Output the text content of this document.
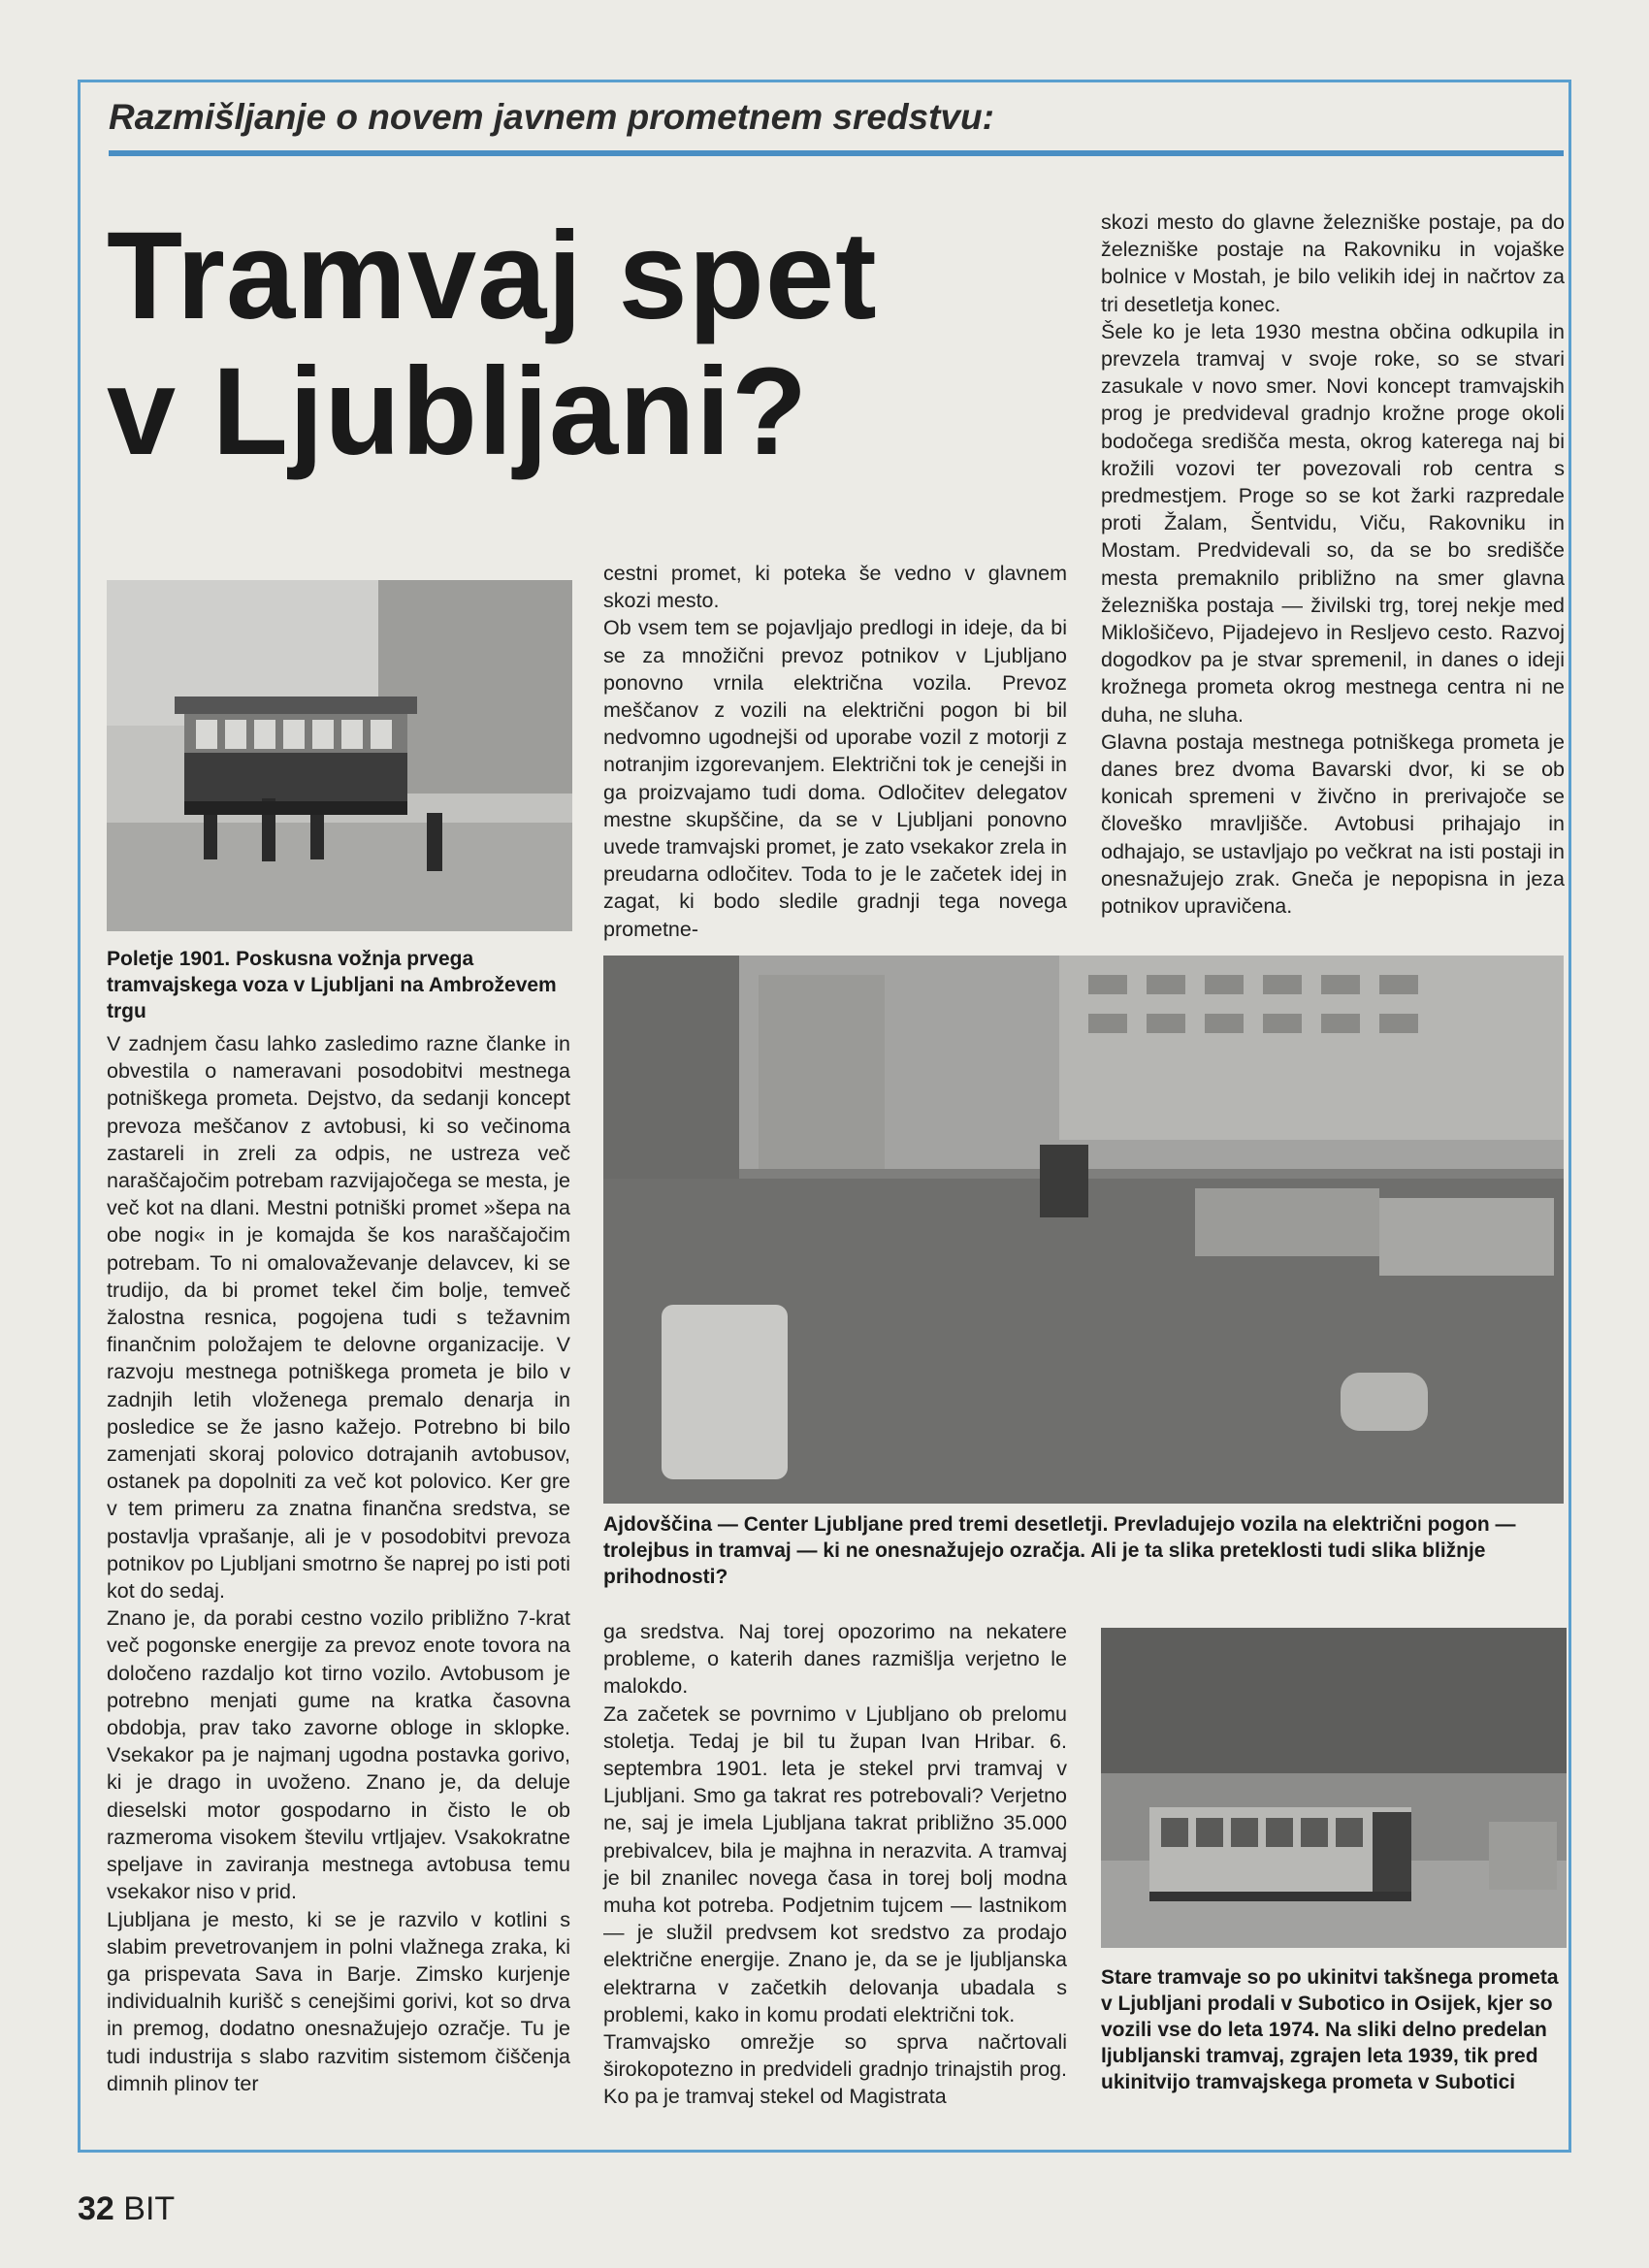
Razmišljanje o novem javnem prometnem sredstvu:
Tramvaj spet
v Ljubljani?
Poletje 1901. Poskusna vožnja prvega tramvajskega voza v Ljubljani na Ambroževem trgu
Ajdovščina — Center Ljubljane pred tremi desetletji. Prevladujejo vozila na električni pogon — trolejbus in tramvaj — ki ne onesnažujejo ozračja. Ali je ta slika preteklosti tudi slika bližnje prihodnosti?
Stare tramvaje so po ukinitvi takšnega prometa v Ljubljani prodali v Subotico in Osijek, kjer so vozili vse do leta 1974. Na sliki delno predelan ljubljanski tramvaj, zgrajen leta 1939, tik pred ukinitvijo tramvajskega prometa v Subotici

V zadnjem času lahko zasledimo razne članke in obvestila o nameravani posodobitvi mestnega potniškega prometa. Dejstvo, da sedanji koncept prevoza meščanov z avtobusi, ki so večinoma zastareli in zreli za odpis, ne ustreza več naraščajočim potrebam razvijajočega se mesta, je več kot na dlani. Mestni potniški promet »šepa na obe nogi« in je komajda še kos naraščajočim potrebam. To ni omalovaževanje delavcev, ki se trudijo, da bi promet tekel čim bolje, temveč žalostna resnica, pogojena tudi s težavnim finančnim položajem te delovne organizacije. V razvoju mestnega potniškega prometa je bilo v zadnjih letih vloženega premalo denarja in posledice se že jasno kažejo. Potrebno bi bilo zamenjati skoraj polovico dotrajanih avtobusov, ostanek pa dopolniti za več kot polovico. Ker gre v tem primeru za znatna finančna sredstva, se postavlja vprašanje, ali je v posodobitvi prevoza potnikov po Ljubljani smotrno še naprej po isti poti kot do sedaj.

Znano je, da porabi cestno vozilo približno 7-krat več pogonske energije za prevoz enote tovora na določeno razdaljo kot tirno vozilo. Avtobusom je potrebno menjati gume na kratka časovna obdobja, prav tako zavorne obloge in sklopke. Vsekakor pa je najmanj ugodna postavka gorivo, ki je drago in uvoženo. Znano je, da deluje dieselski motor gospodarno in čisto le ob razmeroma visokem številu vrtljajev. Vsakokratne speljave in zaviranja mestnega avtobusa temu vsekakor niso v prid.

Ljubljana je mesto, ki se je razvilo v kotlini s slabim prevetrovanjem in polni vlažnega zraka, ki ga prispevata Sava in Barje. Zimsko kurjenje individualnih kurišč s cenejšimi gorivi, kot so drva in premog, dodatno onesnažujejo ozračje. Tu je tudi industrija s slabo razvitim sistemom čiščenja dimnih plinov ter

cestni promet, ki poteka še vedno v glavnem skozi mesto.

Ob vsem tem se pojavljajo predlogi in ideje, da bi se za množični prevoz potnikov v Ljubljano ponovno vrnila električna vozila. Prevoz meščanov z vozili na električni pogon bi bil nedvomno ugodnejši od uporabe vozil z motorji z notranjim izgorevanjem. Električni tok je cenejši in ga proizvajamo tudi doma. Odločitev delegatov mestne skupščine, da se v Ljubljani ponovno uvede tramvajski promet, je zato vsekakor zrela in preudarna odločitev. Toda to je le začetek idej in zagat, ki bodo sledile gradnji tega novega prometne-

ga sredstva. Naj torej opozorimo na nekatere probleme, o katerih danes razmišlja verjetno le malokdo.

Za začetek se povrnimo v Ljubljano ob prelomu stoletja. Tedaj je bil tu župan Ivan Hribar. 6. septembra 1901. leta je stekel prvi tramvaj v Ljubljani. Smo ga takrat res potrebovali? Verjetno ne, saj je imela Ljubljana takrat približno 35.000 prebivalcev, bila je majhna in nerazvita. A tramvaj je bil znanilec novega časa in torej bolj modna muha kot potreba. Podjetnim tujcem — lastnikom — je služil predvsem kot sredstvo za prodajo električne energije. Znano je, da se je ljubljanska elektrarna v začetkih delovanja ubadala s problemi, kako in komu prodati električni tok.

Tramvajsko omrežje so sprva načrtovali širokopotezno in predvideli gradnjo trinajstih prog. Ko pa je tramvaj stekel od Magistrata

skozi mesto do glavne železniške postaje, pa do železniške postaje na Rakovniku in vojaške bolnice v Mostah, je bilo velikih idej in načrtov za tri desetletja konec.

Šele ko je leta 1930 mestna občina odkupila in prevzela tramvaj v svoje roke, so se stvari zasukale v novo smer. Novi koncept tramvajskih prog je predvideval gradnjo krožne proge okoli bodočega središča mesta, okrog katerega naj bi krožili vozovi ter povezovali rob centra s predmestjem. Proge so se kot žarki razpredale proti Žalam, Šentvidu, Viču, Rakovniku in Mostam. Predvidevali so, da se bo središče mesta premaknilo približno na smer glavna železniška postaja — živilski trg, torej nekje med Miklošičevo, Pijadejevo in Resljevo cesto. Razvoj dogodkov pa je stvar spremenil, in danes o ideji krožnega prometa okrog mestnega centra ni ne duha, ne sluha.

Glavna postaja mestnega potniškega prometa je danes brez dvoma Bavarski dvor, ki se ob konicah spremeni v živčno in prerivajoče se človeško mravljišče. Avtobusi prihajajo in odhajajo, se ustavljajo po večkrat na isti postaji in onesnažujejo zrak. Gneča je nepopisna in jeza potnikov upravičena.

32 BIT
